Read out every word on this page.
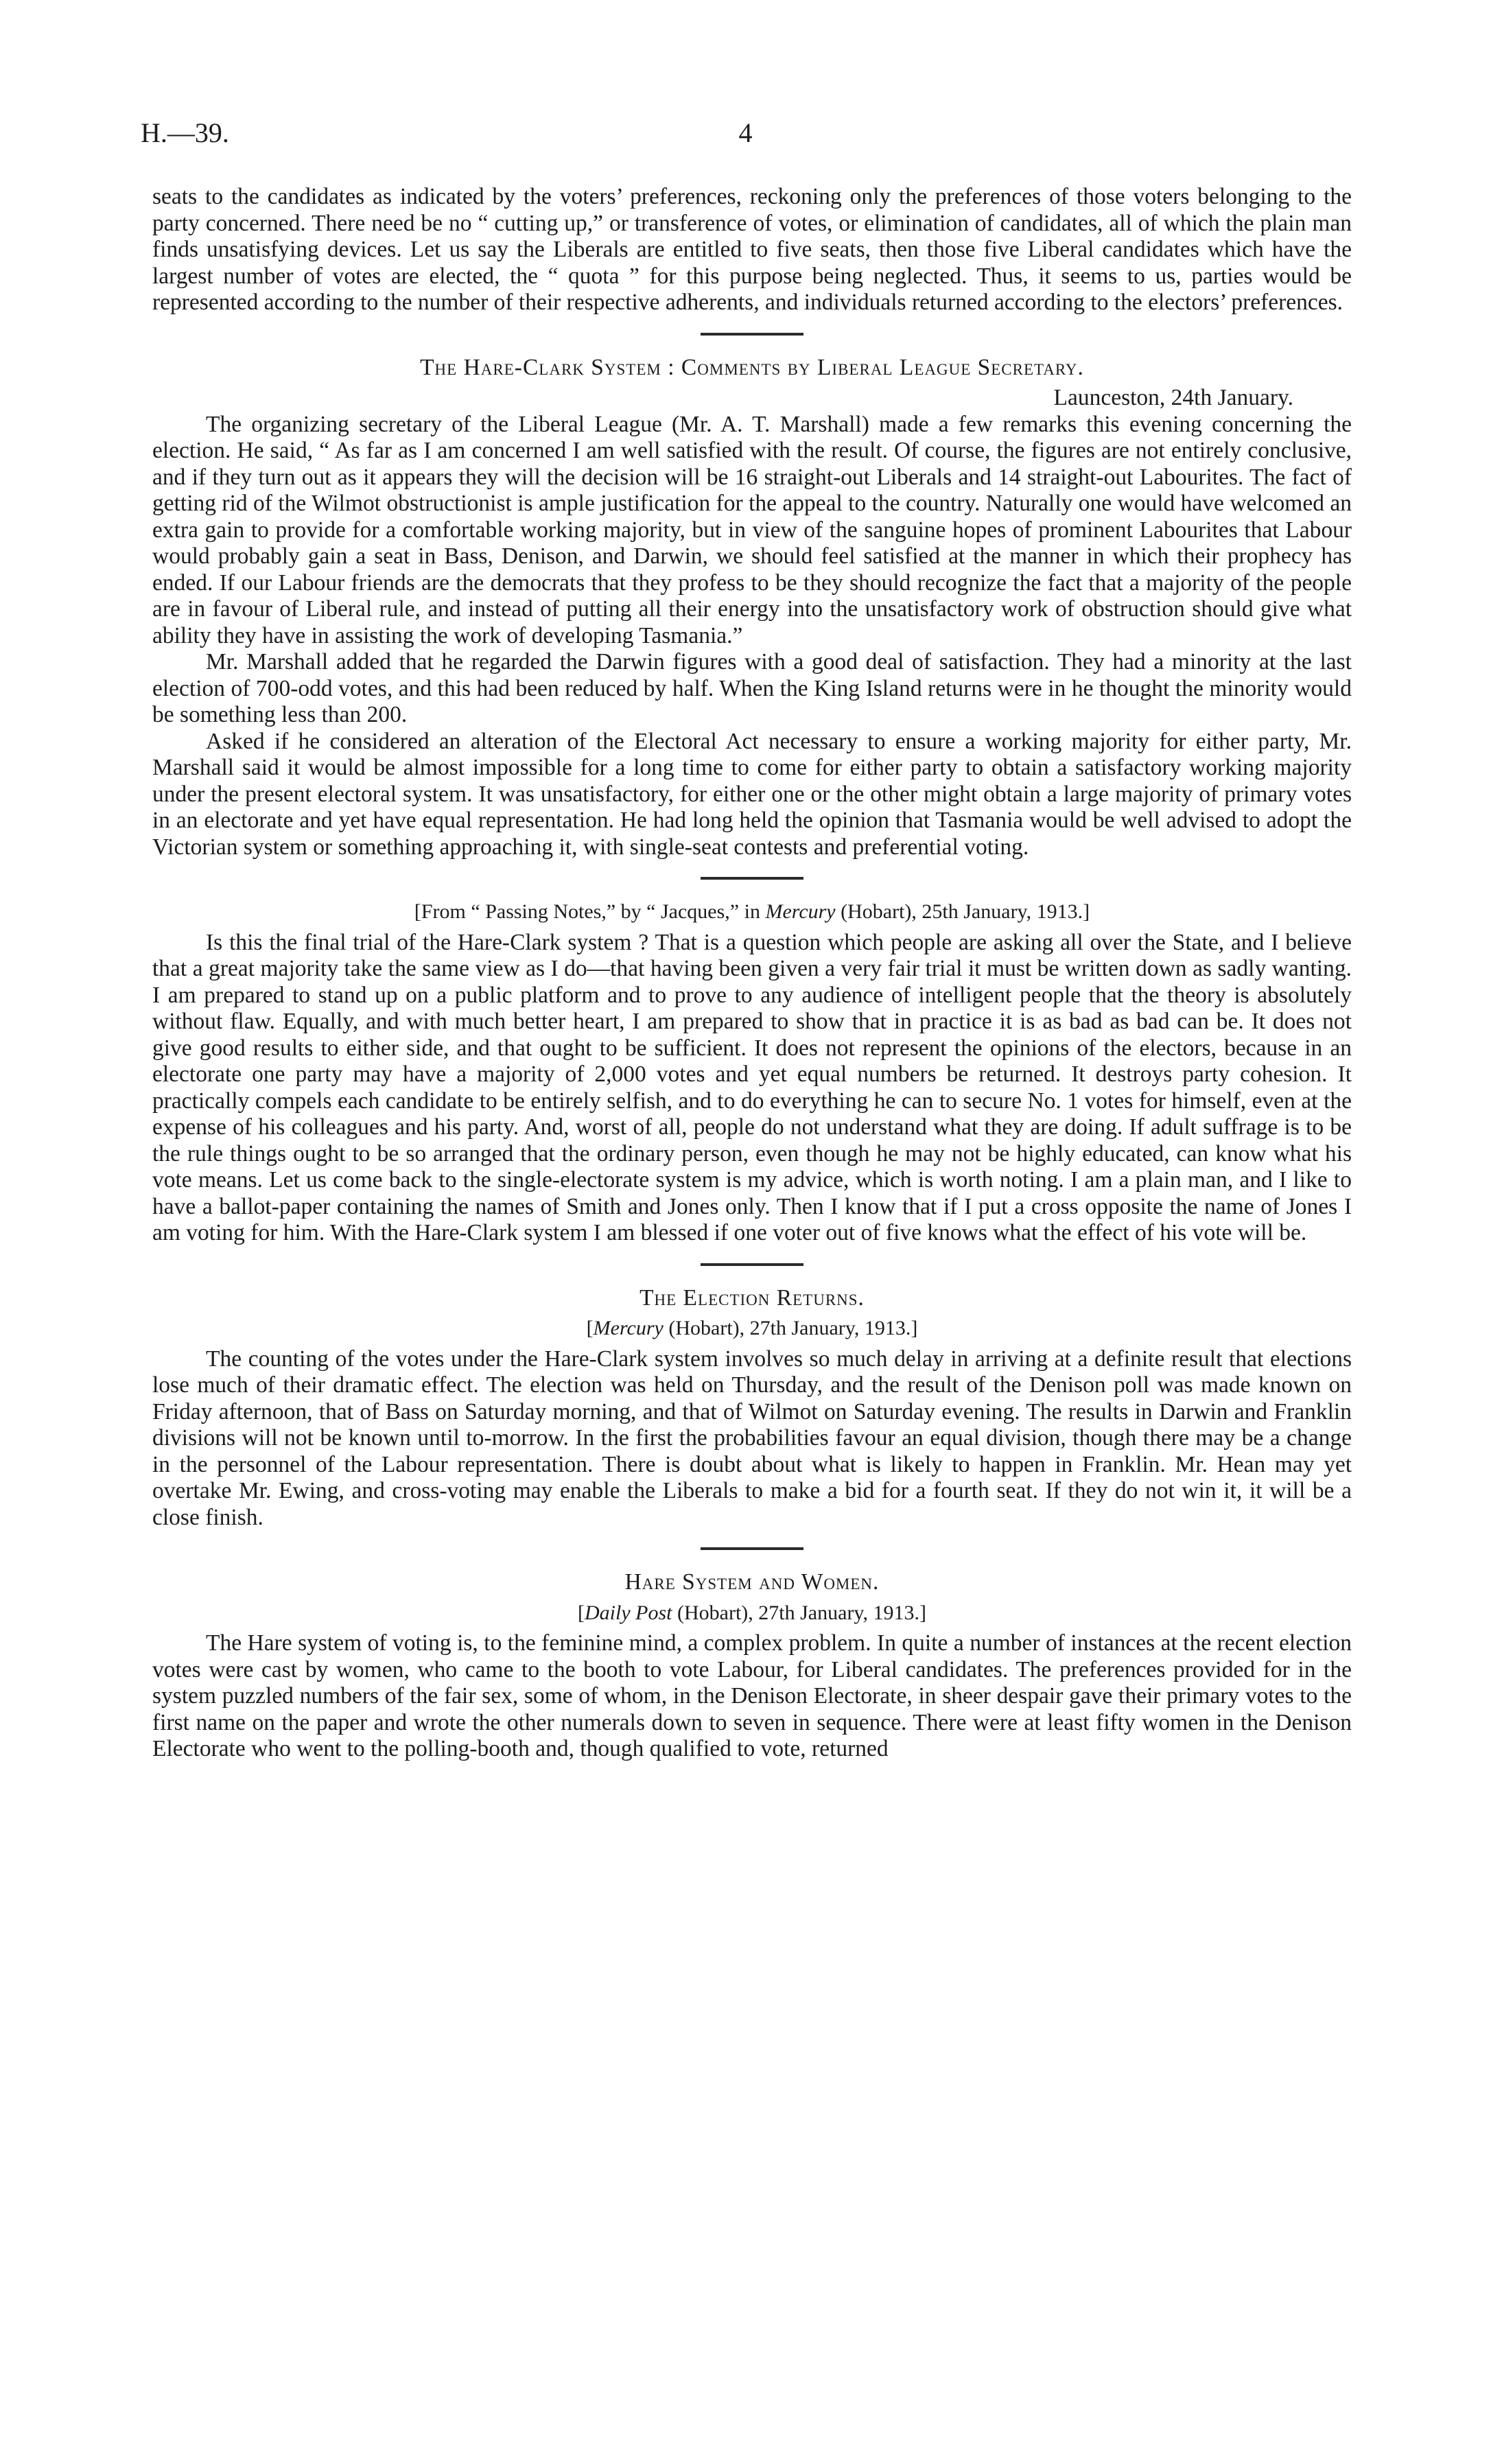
H.—39.	4

seats to the candidates as indicated by the voters’ preferences, reckoning only the preferences of those voters belonging to the party concerned. There need be no “ cutting up,” or transference of votes, or elimination of candidates, all of which the plain man finds unsatisfying devices. Let us say the Liberals are entitled to five seats, then those five Liberal candidates which have the largest number of votes are elected, the “ quota ” for this purpose being neglected. Thus, it seems to us, parties would be represented according to the number of their respective adherents, and individuals returned according to the electors’ preferences.

The Hare-Clark System : Comments by Liberal League Secretary.
Launceston, 24th January.

The organizing secretary of the Liberal League (Mr. A. T. Marshall) made a few remarks this evening concerning the election. He said, “ As far as I am concerned I am well satisfied with the result. Of course, the figures are not entirely conclusive, and if they turn out as it appears they will the decision will be 16 straight-out Liberals and 14 straight-out Labourites. The fact of getting rid of the Wilmot obstructionist is ample justification for the appeal to the country. Naturally one would have welcomed an extra gain to provide for a comfortable working majority, but in view of the sanguine hopes of prominent Labourites that Labour would probably gain a seat in Bass, Denison, and Darwin, we should feel satisfied at the manner in which their prophecy has ended. If our Labour friends are the democrats that they profess to be they should recognize the fact that a majority of the people are in favour of Liberal rule, and instead of putting all their energy into the unsatisfactory work of obstruction should give what ability they have in assisting the work of developing Tasmania.”

Mr. Marshall added that he regarded the Darwin figures with a good deal of satisfaction. They had a minority at the last election of 700-odd votes, and this had been reduced by half. When the King Island returns were in he thought the minority would be something less than 200.

Asked if he considered an alteration of the Electoral Act necessary to ensure a working majority for either party, Mr. Marshall said it would be almost impossible for a long time to come for either party to obtain a satisfactory working majority under the present electoral system. It was unsatisfactory, for either one or the other might obtain a large majority of primary votes in an electorate and yet have equal representation. He had long held the opinion that Tasmania would be well advised to adopt the Victorian system or something approaching it, with single-seat contests and preferential voting.

[From “ Passing Notes,” by “ Jacques,” in Mercury (Hobart), 25th January, 1913.]

Is this the final trial of the Hare-Clark system ? That is a question which people are asking all over the State, and I believe that a great majority take the same view as I do—that having been given a very fair trial it must be written down as sadly wanting. I am prepared to stand up on a public platform and to prove to any audience of intelligent people that the theory is absolutely without flaw. Equally, and with much better heart, I am prepared to show that in practice it is as bad as bad can be. It does not give good results to either side, and that ought to be sufficient. It does not represent the opinions of the electors, because in an electorate one party may have a majority of 2,000 votes and yet equal numbers be returned. It destroys party cohesion. It practically compels each candidate to be entirely selfish, and to do everything he can to secure No. 1 votes for himself, even at the expense of his colleagues and his party. And, worst of all, people do not understand what they are doing. If adult suffrage is to be the rule things ought to be so arranged that the ordinary person, even though he may not be highly educated, can know what his vote means. Let us come back to the single-electorate system is my advice, which is worth noting. I am a plain man, and I like to have a ballot-paper containing the names of Smith and Jones only. Then I know that if I put a cross opposite the name of Jones I am voting for him. With the Hare-Clark system I am blessed if one voter out of five knows what the effect of his vote will be.

The Election Returns.
[Mercury (Hobart), 27th January, 1913.]

The counting of the votes under the Hare-Clark system involves so much delay in arriving at a definite result that elections lose much of their dramatic effect. The election was held on Thursday, and the result of the Denison poll was made known on Friday afternoon, that of Bass on Saturday morning, and that of Wilmot on Saturday evening. The results in Darwin and Franklin divisions will not be known until to-morrow. In the first the probabilities favour an equal division, though there may be a change in the personnel of the Labour representation. There is doubt about what is likely to happen in Franklin. Mr. Hean may yet overtake Mr. Ewing, and cross-voting may enable the Liberals to make a bid for a fourth seat. If they do not win it, it will be a close finish.

Hare System and Women.
[Daily Post (Hobart), 27th January, 1913.]

The Hare system of voting is, to the feminine mind, a complex problem. In quite a number of instances at the recent election votes were cast by women, who came to the booth to vote Labour, for Liberal candidates. The preferences provided for in the system puzzled numbers of the fair sex, some of whom, in the Denison Electorate, in sheer despair gave their primary votes to the first name on the paper and wrote the other numerals down to seven in sequence. There were at least fifty women in the Denison Electorate who went to the polling-booth and, though qualified to vote, returned
